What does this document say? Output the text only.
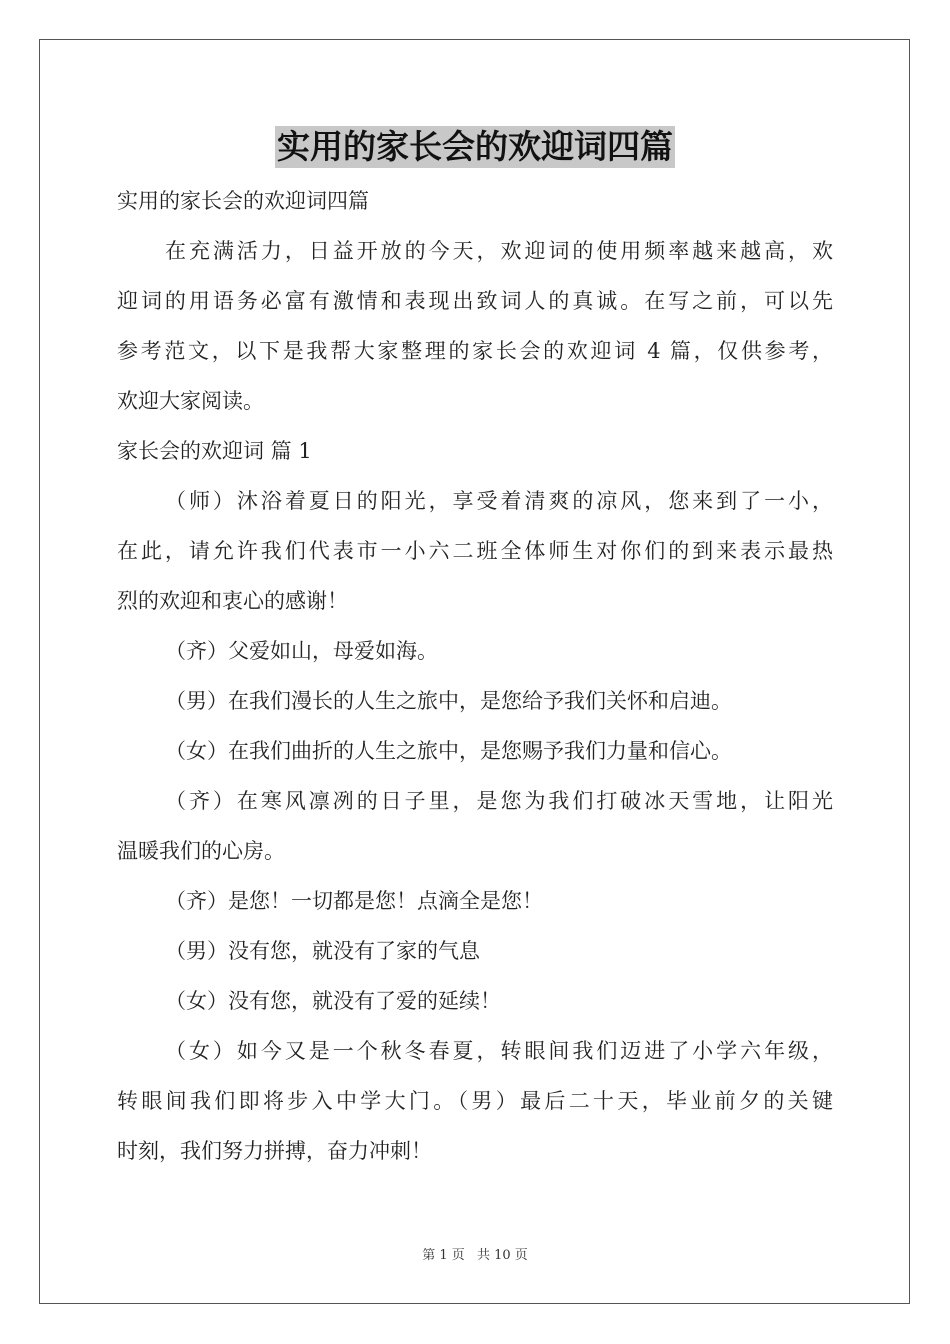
实用的家长会的欢迎词四篇
实用的家长会的欢迎词四篇
在充满活力，日益开放的今天，欢迎词的使用频率越来越高，欢
迎词的用语务必富有激情和表现出致词人的真诚。在写之前，可以先
参考范文，以下是我帮大家整理的家长会的欢迎词 4 篇，仅供参考，
欢迎大家阅读。
家长会的欢迎词 篇 1
（师）沐浴着夏日的阳光，享受着清爽的凉风，您来到了一小，
在此，请允许我们代表市一小六二班全体师生对你们的到来表示最热
烈的欢迎和衷心的感谢！
（齐）父爱如山，母爱如海。
（男）在我们漫长的人生之旅中，是您给予我们关怀和启迪。
（女）在我们曲折的人生之旅中，是您赐予我们力量和信心。
（齐）在寒风凛冽的日子里，是您为我们打破冰天雪地，让阳光
温暖我们的心房。
（齐）是您！一切都是您！点滴全是您！
（男）没有您，就没有了家的气息
（女）没有您，就没有了爱的延续！
（女）如今又是一个秋冬春夏，转眼间我们迈进了小学六年级，
转眼间我们即将步入中学大门。（男）最后二十天，毕业前夕的关键
时刻，我们努力拼搏，奋力冲刺！
第 1 页 共 10 页
